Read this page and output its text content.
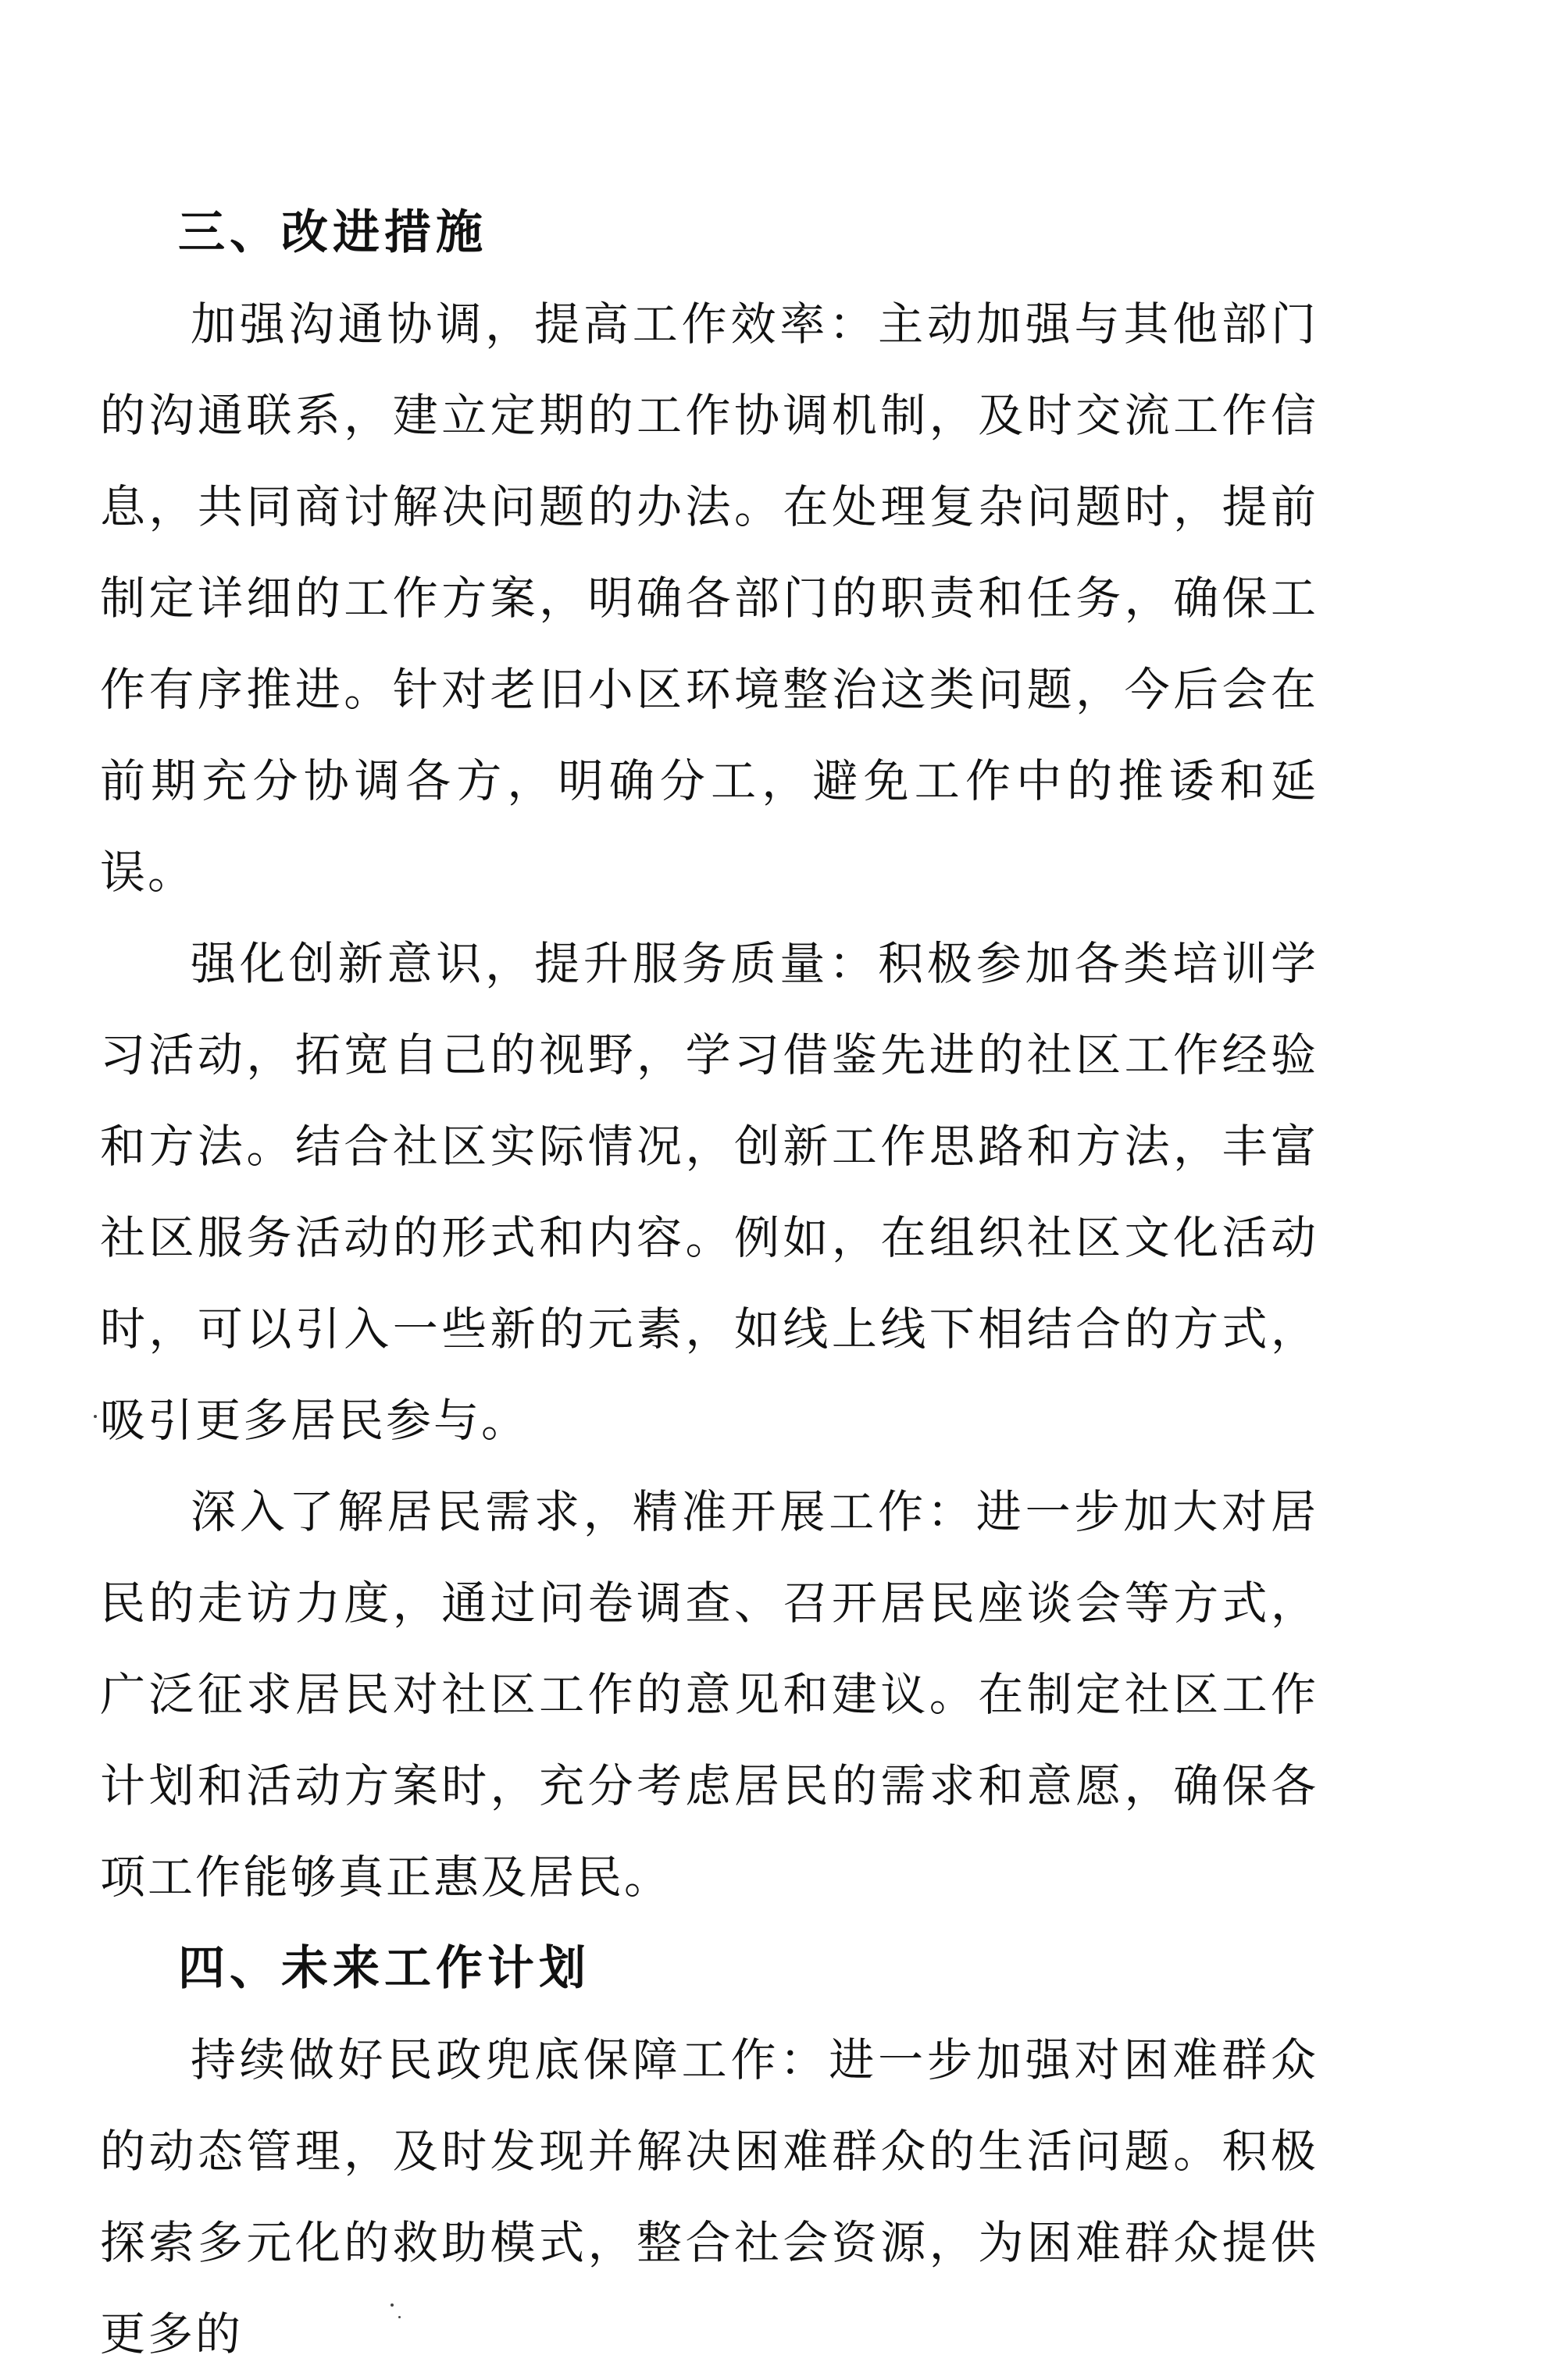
三、改进措施

加强沟通协调，提高工作效率：主动加强与其他部门的沟通联系，建立定期的工作协调机制，及时交流工作信息，共同商讨解决问题的办法。在处理复杂问题时，提前制定详细的工作方案，明确各部门的职责和任务，确保工作有序推进。针对老旧小区环境整治这类问题，今后会在前期充分协调各方，明确分工，避免工作中的推诿和延误。

强化创新意识，提升服务质量：积极参加各类培训学习活动，拓宽自己的视野，学习借鉴先进的社区工作经验和方法。结合社区实际情况，创新工作思路和方法，丰富社区服务活动的形式和内容。例如，在组织社区文化活动时，可以引入一些新的元素，如线上线下相结合的方式，吸引更多居民参与。

深入了解居民需求，精准开展工作：进一步加大对居民的走访力度，通过问卷调查、召开居民座谈会等方式，广泛征求居民对社区工作的意见和建议。在制定社区工作计划和活动方案时，充分考虑居民的需求和意愿，确保各项工作能够真正惠及居民。

四、未来工作计划

持续做好民政兜底保障工作：进一步加强对困难群众的动态管理，及时发现并解决困难群众的生活问题。积极探索多元化的救助模式，整合社会资源，为困难群众提供更多的
